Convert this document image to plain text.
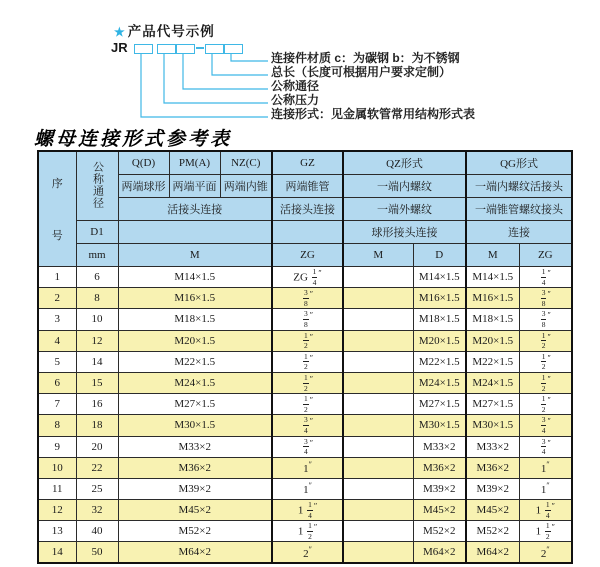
★ 产品代号示例
JR
连接件材质 c：为碳钢 b：为不锈钢
总长（长度可根据用户要求定制）
公称通径
公称压力
连接形式：见金属软管常用结构形式表
螺母连接形式参考表
序
号	公称通径	Q(D)	PM(A)	NZ(C)	GZ	QZ形式		QG形式	
		两端球形	两端平面	两端内锥	两端锥管	一端内螺纹		一端内螺纹活接头	
		活接头连接			活接头连接	一端外螺纹		一端锥管螺纹接头	
	D1					球形接头连接		连接	
	mm	M			ZG	M	D	M	ZG
1	6	M14×1.5			ZG $\frac{1}{4} ''$		M14×1.5	M14×1.5	$\frac{1}{4} ''$
2	8	M16×1.5			$\frac{3}{8} ''$		M16×1.5	M16×1.5	$\frac{3}{8} ''$
3	10	M18×1.5			$\frac{3}{8} ''$		M18×1.5	M18×1.5	$\frac{3}{8} ''$
4	12	M20×1.5			$\frac{1}{2} ''$		M20×1.5	M20×1.5	$\frac{1}{2} ''$
5	14	M22×1.5			$\frac{1}{2} ''$		M22×1.5	M22×1.5	$\frac{1}{2} ''$
6	15	M24×1.5			$\frac{1}{2} ''$		M24×1.5	M24×1.5	$\frac{1}{2} ''$
7	16	M27×1.5			$\frac{1}{2} ''$		M27×1.5	M27×1.5	$\frac{1}{2} ''$
8	18	M30×1.5			$\frac{3}{4} ''$		M30×1.5	M30×1.5	$\frac{3}{4} ''$
9	20	M33×2			$\frac{3}{4} ''$		M33×2	M33×2	$\frac{3}{4} ''$
10	22	M36×2			1″		M36×2	M36×2	1″
11	25	M39×2			1″		M39×2	M39×2	1″
12	32	M45×2			$1 \frac{1}{4} ''$		M45×2	M45×2	$1 \frac{1}{4} ''$
13	40	M52×2			$1 \frac{1}{2} ''$		M52×2	M52×2	$1 \frac{1}{2} ''$
14	50	M64×2			2″		M64×2	M64×2	2″
